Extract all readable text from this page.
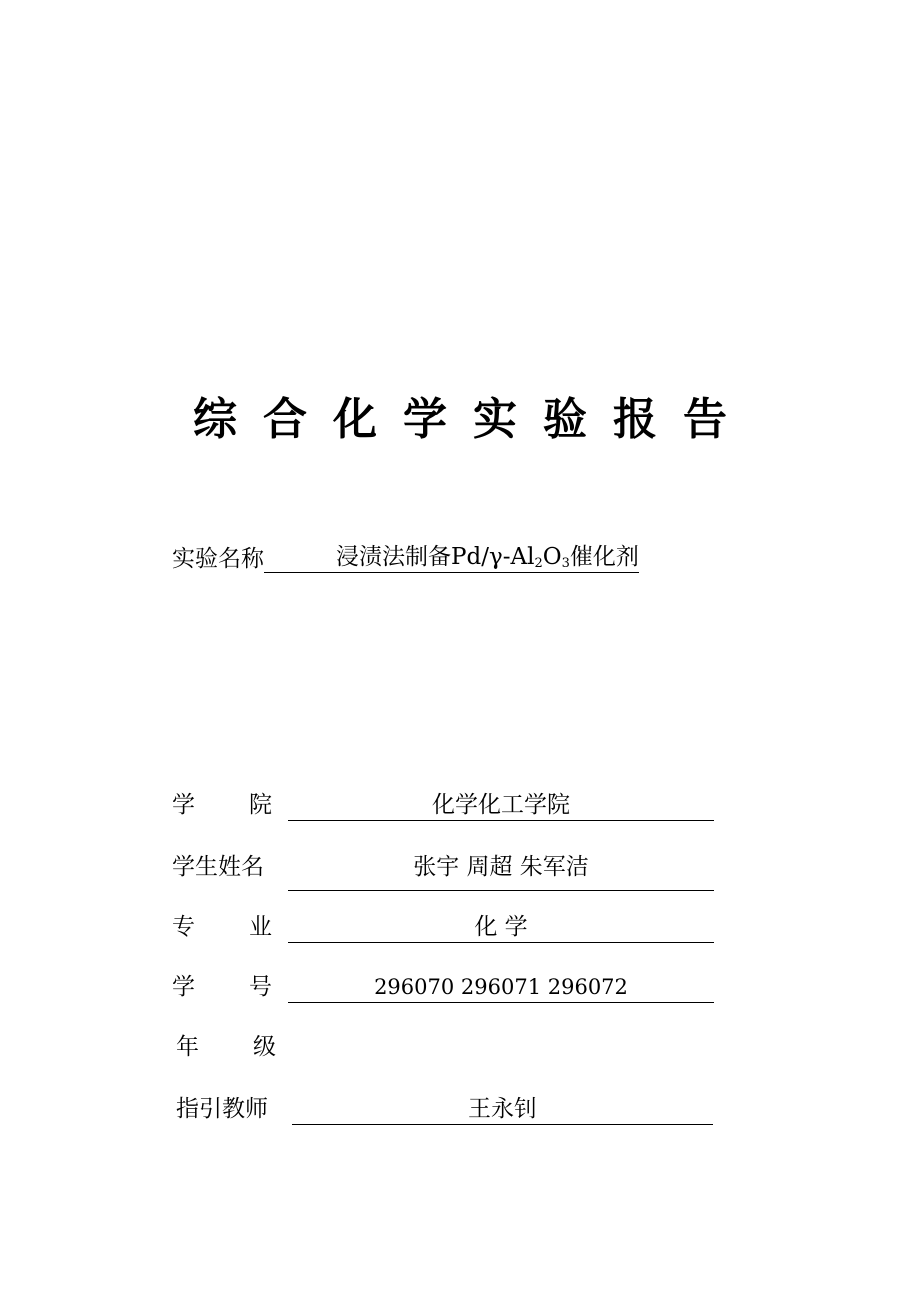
综 合 化 学 实 验 报 告
实验名称	浸渍法制备$Pd/\gamma-Al_2O_3$催化剂
学 院	化学化工学院
学生姓名	张宇 周超 朱军洁
专 业	化 学
学 号	296070 296071 296072
年 级
指引教师	王永钊
